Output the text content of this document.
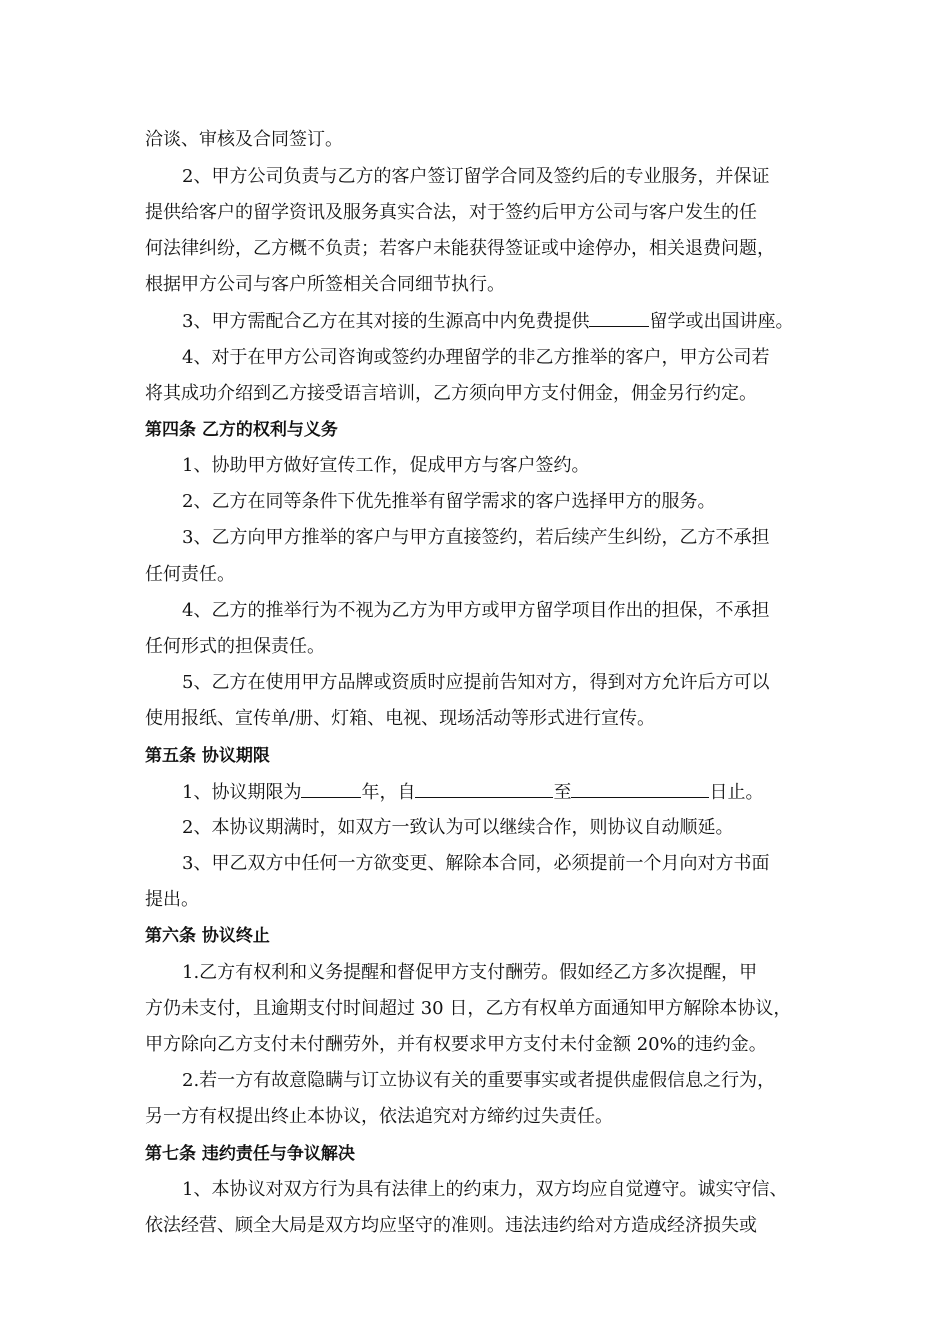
洽谈、审核及合同签订。
2、甲方公司负责与乙方的客户签订留学合同及签约后的专业服务，并保证
提供给客户的留学资讯及服务真实合法，对于签约后甲方公司与客户发生的任
何法律纠纷，乙方概不负责；若客户未能获得签证或中途停办，相关退费问题，
根据甲方公司与客户所签相关合同细节执行。
3、甲方需配合乙方在其对接的生源高中内免费提供	留学或出国讲座。
4、对于在甲方公司咨询或签约办理留学的非乙方推举的客户，甲方公司若
将其成功介绍到乙方接受语言培训，乙方须向甲方支付佣金，佣金另行约定。
第四条 乙方的权利与义务
1、协助甲方做好宣传工作，促成甲方与客户签约。
2、乙方在同等条件下优先推举有留学需求的客户选择甲方的服务。
3、乙方向甲方推举的客户与甲方直接签约，若后续产生纠纷，乙方不承担
任何责任。
4、乙方的推举行为不视为乙方为甲方或甲方留学项目作出的担保，不承担
任何形式的担保责任。
5、乙方在使用甲方品牌或资质时应提前告知对方，得到对方允许后方可以
使用报纸、宣传单/册、灯箱、电视、现场活动等形式进行宣传。
第五条 协议期限
1、协议期限为	年，自	至	日止。
2、本协议期满时，如双方一致认为可以继续合作，则协议自动顺延。
3、甲乙双方中任何一方欲变更、解除本合同，必须提前一个月向对方书面
提出。
第六条 协议终止
1.乙方有权利和义务提醒和督促甲方支付酬劳。假如经乙方多次提醒，甲
方仍未支付，且逾期支付时间超过 30 日，乙方有权单方面通知甲方解除本协议，
甲方除向乙方支付未付酬劳外，并有权要求甲方支付未付金额 20%的违约金。
2.若一方有故意隐瞒与订立协议有关的重要事实或者提供虚假信息之行为，
另一方有权提出终止本协议，依法追究对方缔约过失责任。
第七条 违约责任与争议解决
1、本协议对双方行为具有法律上的约束力，双方均应自觉遵守。诚实守信、
依法经营、顾全大局是双方均应坚守的准则。违法违约给对方造成经济损失或
